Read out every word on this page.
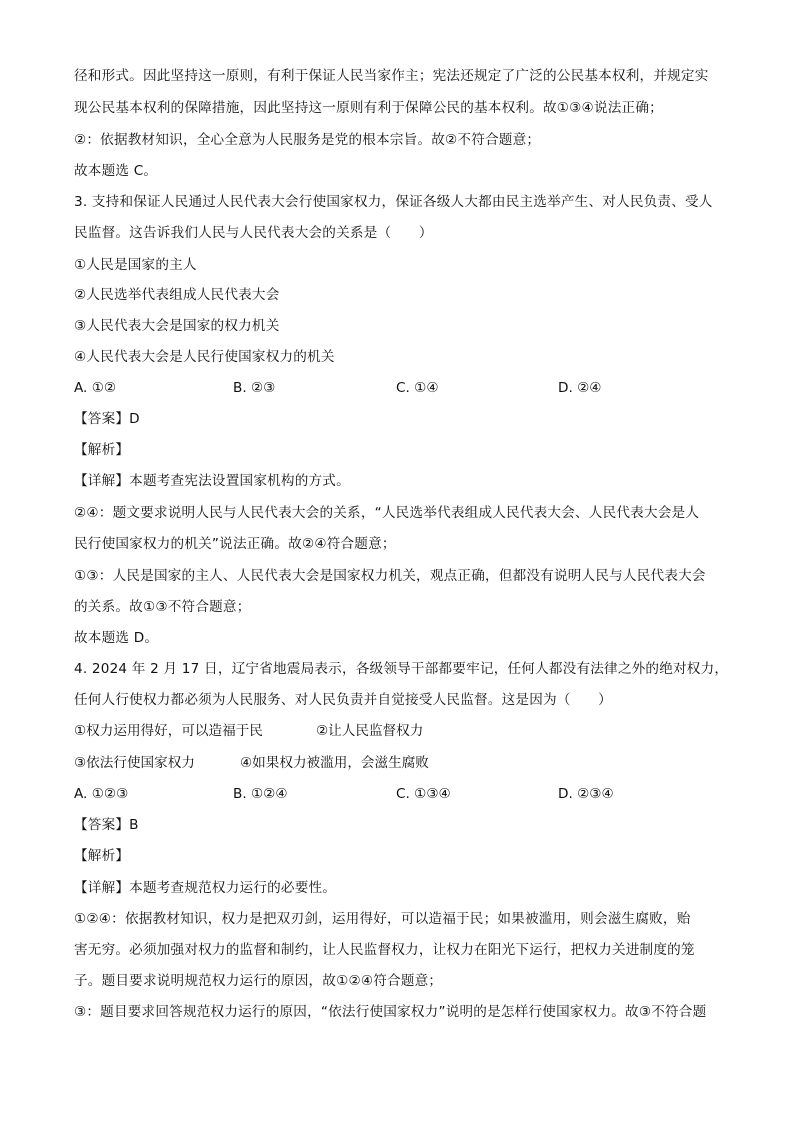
径和形式。因此坚持这一原则，有利于保证人民当家作主；宪法还规定了广泛的公民基本权利，并规定实
现公民基本权利的保障措施，因此坚持这一原则有利于保障公民的基本权利。故①③④说法正确；
②：依据教材知识，全心全意为人民服务是党的根本宗旨。故②不符合题意；
故本题选 C。
3. 支持和保证人民通过人民代表大会行使国家权力，保证各级人大都由民主选举产生、对人民负责、受人
民监督。这告诉我们人民与人民代表大会的关系是（　　）
①人民是国家的主人
②人民选举代表组成人民代表大会
③人民代表大会是国家的权力机关
④人民代表大会是人民行使国家权力的机关
A. ①②	B. ②③	C. ①④	D. ②④
【答案】D
【解析】
【详解】本题考查宪法设置国家机构的方式。
②④：题文要求说明人民与人民代表大会的关系，“人民选举代表组成人民代表大会、人民代表大会是人
民行使国家权力的机关”说法正确。故②④符合题意；
①③：人民是国家的主人、人民代表大会是国家权力机关，观点正确，但都没有说明人民与人民代表大会
的关系。故①③不符合题意；
故本题选 D。
4. 2024 年 2 月 17 日，辽宁省地震局表示，各级领导干部都要牢记，任何人都没有法律之外的绝对权力，
任何人行使权力都必须为人民服务、对人民负责并自觉接受人民监督。这是因为（　　）
①权力运用得好，可以造福于民	②让人民监督权力
③依法行使国家权力	④如果权力被滥用，会滋生腐败
A. ①②③	B. ①②④	C. ①③④	D. ②③④
【答案】B
【解析】
【详解】本题考查规范权力运行的必要性。
①②④：依据教材知识，权力是把双刃剑，运用得好，可以造福于民；如果被滥用，则会滋生腐败，贻
害无穷。必须加强对权力的监督和制约，让人民监督权力，让权力在阳光下运行，把权力关进制度的笼
子。题目要求说明规范权力运行的原因，故①②④符合题意；
③：题目要求回答规范权力运行的原因，“依法行使国家权力”说明的是怎样行使国家权力。故③不符合题
